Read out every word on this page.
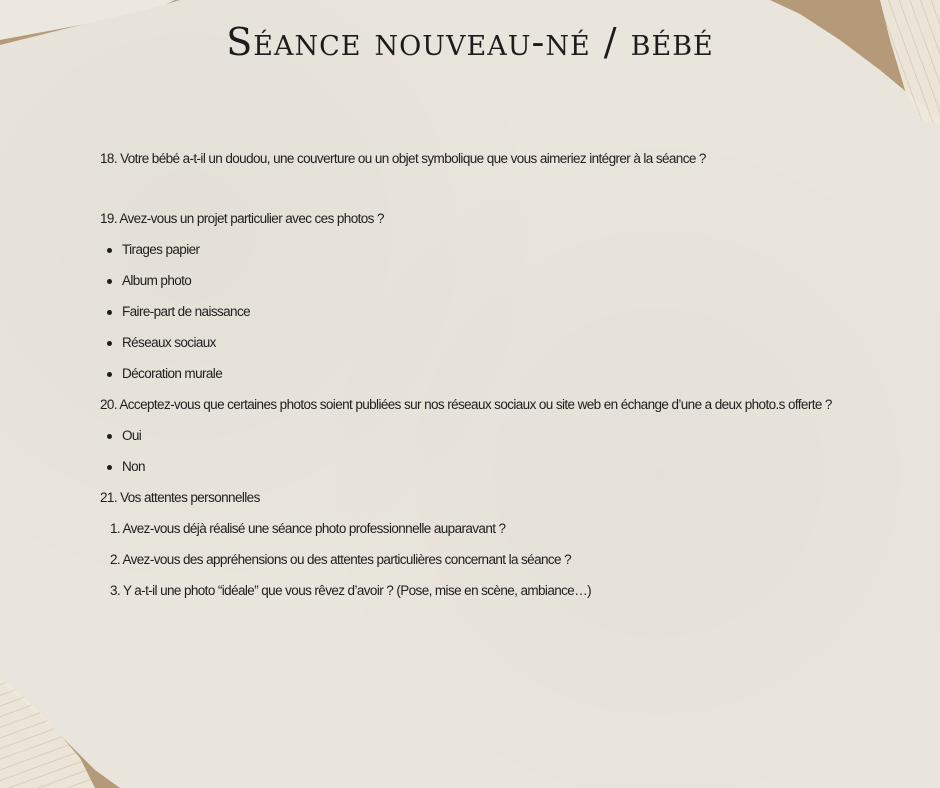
Séance nouveau-né / bébé

18. Votre bébé a-t-il un doudou, une couverture ou un objet symbolique que vous aimeriez intégrer à la séance ?

19. Avez-vous un projet particulier avec ces photos ?

Tirages papier
Album photo
Faire-part de naissance
Réseaux sociaux
Décoration murale

20. Acceptez-vous que certaines photos soient publiées sur nos réseaux sociaux ou site web en échange d’une a deux photo.s offerte ?

Oui
Non

21. Vos attentes personnelles

1. Avez-vous déjà réalisé une séance photo professionnelle auparavant ?
2. Avez-vous des appréhensions ou des attentes particulières concernant la séance ?
3. Y a-t-il une photo “idéale” que vous rêvez d’avoir ? (Pose, mise en scène, ambiance…)
